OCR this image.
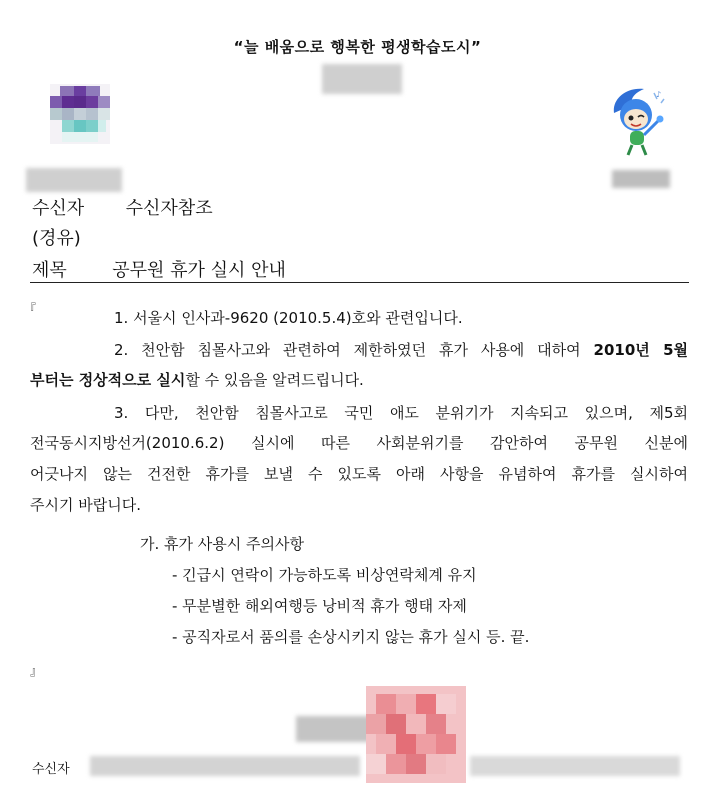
“늘 배움으로 행복한 평생학습도시”
♪
수신자 수신자참조
(경유)
제목	공무원 휴가 실시 안내
『	1. 서울시 인사과-9620 (2010.5.4)호와 관련입니다.
2. 천안함 침몰사고와 관련하여 제한하였던 휴가 사용에 대하여 2010년 5월
부터는 정상적으로 실시할 수 있음을 알려드립니다.
3. 다만, 천안함 침몰사고로 국민 애도 분위기가 지속되고 있으며, 제5회
전국동시지방선거(2010.6.2) 실시에 따른 사회분위기를 감안하여 공무원 신분에
어긋나지 않는 건전한 휴가를 보낼 수 있도록 아래 사항을 유념하여 휴가를 실시하여
주시기 바랍니다.
가. 휴가 사용시 주의사항
- 긴급시 연락이 가능하도록 비상연락체계 유지
- 무분별한 해외여행등 낭비적 휴가 행태 자제
- 공직자로서 품의를 손상시키지 않는 휴가 실시 등. 끝.
』
수신자
